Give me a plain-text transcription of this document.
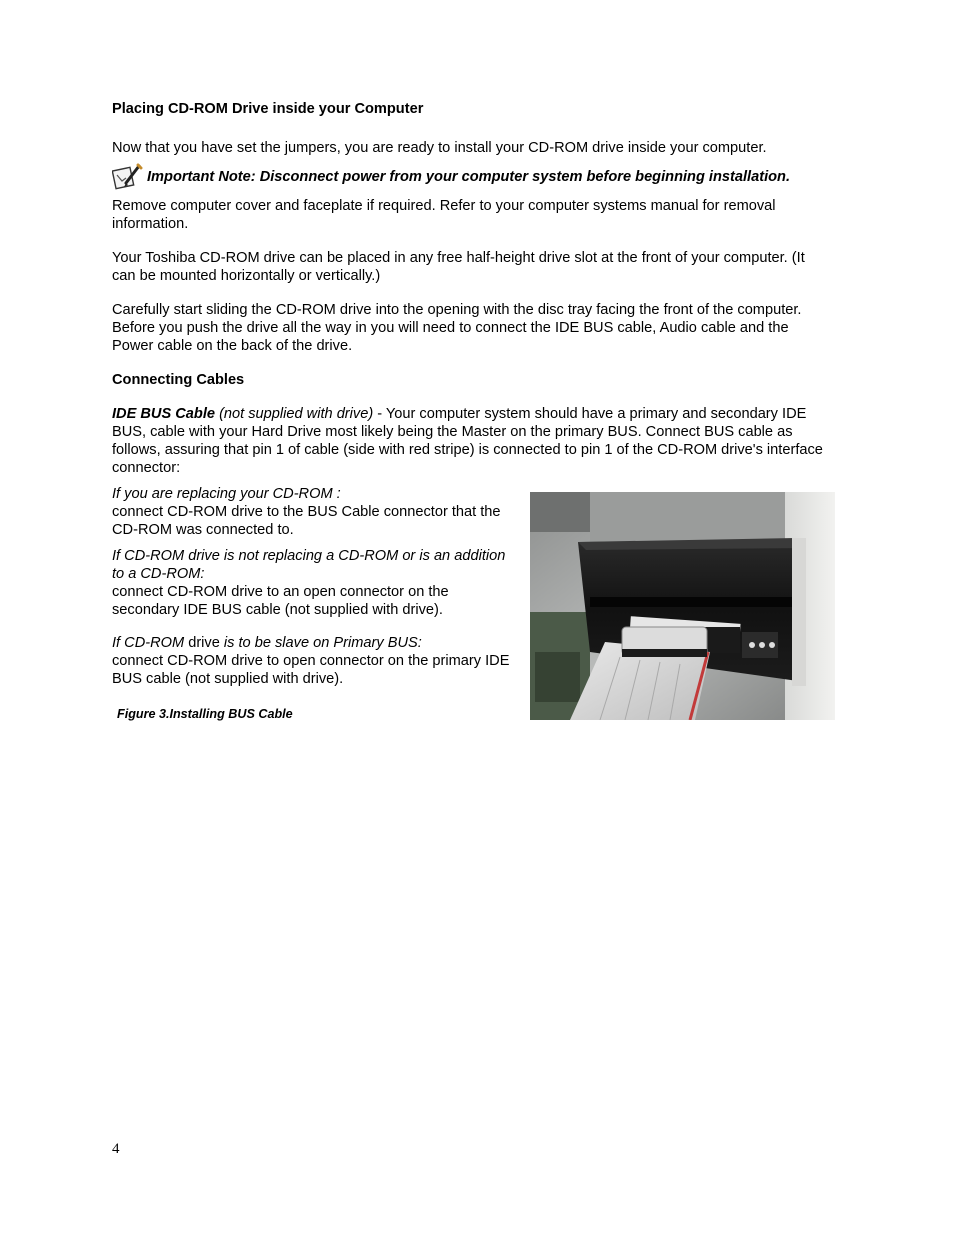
Placing CD-ROM Drive inside your Computer

Now that you have set the jumpers, you are ready to install your CD-ROM drive inside your computer.

Important Note: Disconnect power from your computer system before beginning installation.

Remove computer cover and faceplate if required. Refer to your computer systems manual for removal information.

Your Toshiba CD-ROM drive can be placed in any free half-height drive slot at the front of your computer. (It can be mounted horizontally or vertically.)

Carefully start sliding the CD-ROM drive into the opening with the disc tray facing the front of the computer. Before you push the drive all the way in you will need to connect the IDE BUS cable, Audio cable and the Power cable on the back of the drive.

Connecting Cables

IDE BUS Cable (not supplied with drive) - Your computer system should have a primary and secondary IDE BUS, cable with your Hard Drive most likely being the Master on the primary BUS. Connect BUS cable as follows, assuring that pin 1 of cable (side with red stripe) is connected to pin 1 of the CD-ROM drive's interface connector:

If you are replacing your CD-ROM :
connect CD-ROM drive to the BUS Cable connector that the CD-ROM was connected to.
If CD-ROM drive is not replacing a CD-ROM or is an addition to a CD-ROM:
connect CD-ROM drive to an open connector on the secondary IDE BUS cable (not supplied with drive).
If CD-ROM drive is to be slave on Primary BUS:
connect CD-ROM drive to open connector on the primary IDE BUS cable (not supplied with drive).
Figure 3.Installing BUS Cable
4
